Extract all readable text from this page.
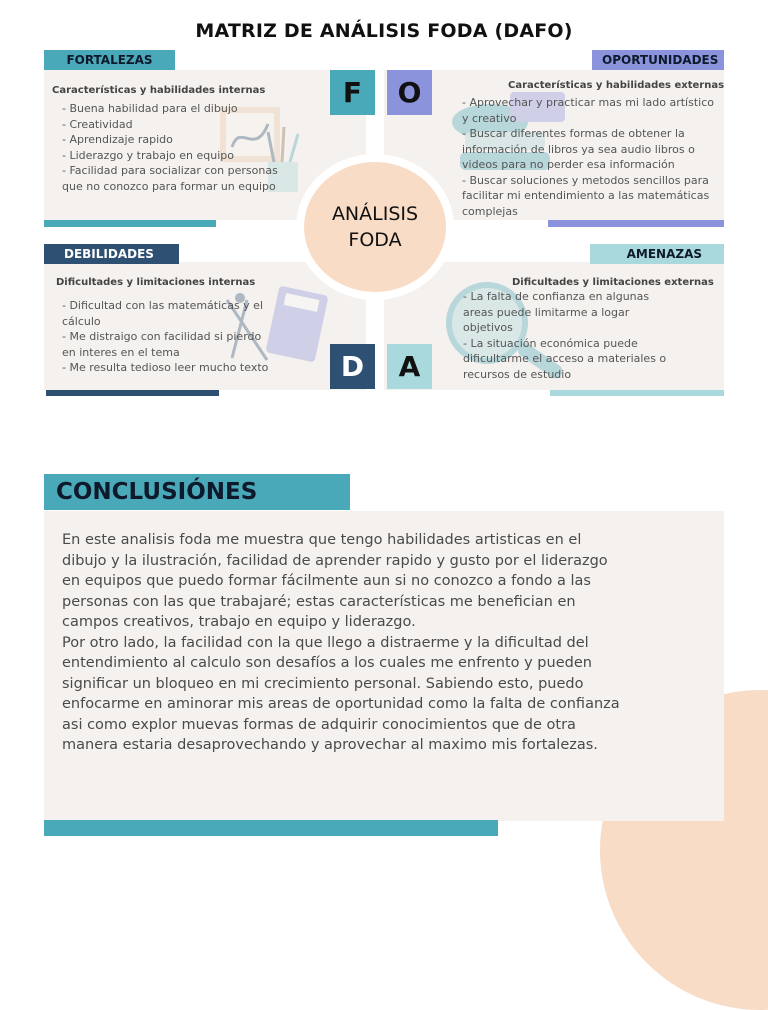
MATRIZ DE ANÁLISIS FODA (DAFO)
FORTALEZAS	OPORTUNIDADES
DEBILIDADES	AMENAZAS
F	O
D	A
ANÁLISIS
FODA
Características y habilidades internas
- Buena habilidad para el dibujo
- Creatividad
- Aprendizaje rapido
- Liderazgo y trabajo en equipo
- Facilidad para socializar con personas que no conozco para formar un equipo
Características y habilidades externas
- Aprovechar y practicar mas mi lado artístico y creativo
- Buscar diferentes formas de obtener la información de libros ya sea audio libros o videos para no perder esa información
- Buscar soluciones y metodos sencillos para facilitar mi entendimiento a las matemáticas complejas
Dificultades y limitaciones internas
- Dificultad con las matemáticas y el cálculo
- Me distraigo con facilidad si pierdo en interes en el tema
- Me resulta tedioso leer mucho texto
Dificultades y limitaciones externas
- La falta de confianza en algunas areas puede limitarme a logar objetivos
- La situación económica puede dificultarme el acceso a materiales o recursos de estudio
CONCLUSIÓNES
En este analisis foda me muestra que tengo habilidades artisticas en el dibujo y la ilustración, facilidad de aprender rapido y gusto por el liderazgo en equipos que puedo formar fácilmente aun si no conozco a fondo a las personas con las que trabajaré; estas características me benefician en campos creativos, trabajo en equipo y liderazgo.
Por otro lado, la facilidad con la que llego a distraerme y la dificultad del entendimiento al calculo son desafíos a los cuales me enfrento y pueden significar un bloqueo en mi crecimiento personal. Sabiendo esto, puedo enfocarme en aminorar mis areas de oportunidad como la falta de confianza asi como explor muevas formas de adquirir conocimientos que de otra manera estaria desaprovechando y aprovechar al maximo mis fortalezas.
